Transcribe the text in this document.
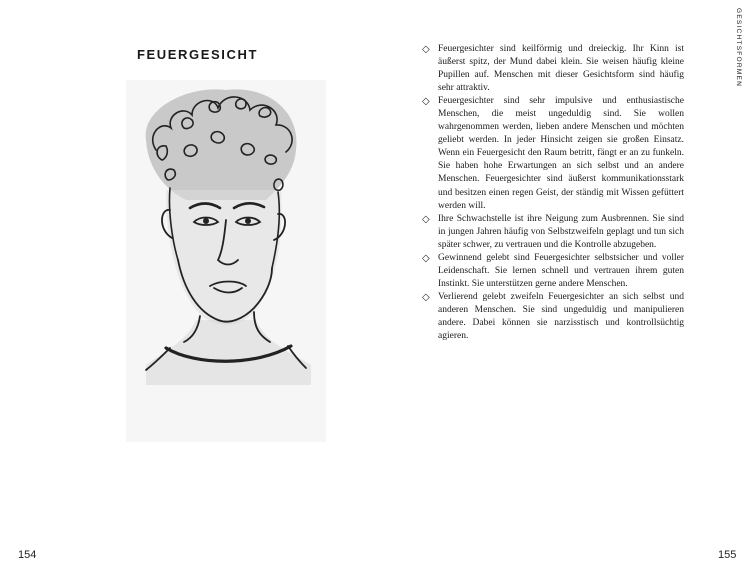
FEUERGESICHT
154
GESICHTSFORMEN
◇ Feuergesichter sind keilförmig und dreieckig. Ihr Kinn ist äußerst spitz, der Mund dabei klein. Sie weisen häufig kleine Pupillen auf. Menschen mit dieser Gesichtsform sind häufig sehr attraktiv.
◇ Feuergesichter sind sehr impulsive und enthusiastische Menschen, die meist ungeduldig sind. Sie wollen wahrgenommen werden, lieben andere Menschen und möchten geliebt werden. In jeder Hinsicht zeigen sie großen Einsatz. Wenn ein Feuergesicht den Raum betritt, fängt er an zu funkeln. Sie haben hohe Erwartungen an sich selbst und an andere Menschen. Feuergesichter sind äußerst kommunikationsstark und besitzen einen regen Geist, der ständig mit Wissen gefüttert werden will.
◇ Ihre Schwachstelle ist ihre Neigung zum Ausbrennen. Sie sind in jungen Jahren häufig von Selbstzweifeln geplagt und tun sich später schwer, zu vertrauen und die Kontrolle abzugeben.
◇ Gewinnend gelebt sind Feuergesichter selbstsicher und voller Leidenschaft. Sie lernen schnell und vertrauen ihrem guten Instinkt. Sie unterstützen gerne andere Menschen.
◇ Verlierend gelebt zweifeln Feuergesichter an sich selbst und anderen Menschen. Sie sind ungeduldig und manipulieren andere. Dabei können sie narzisstisch und kontrollsüchtig agieren.
155
